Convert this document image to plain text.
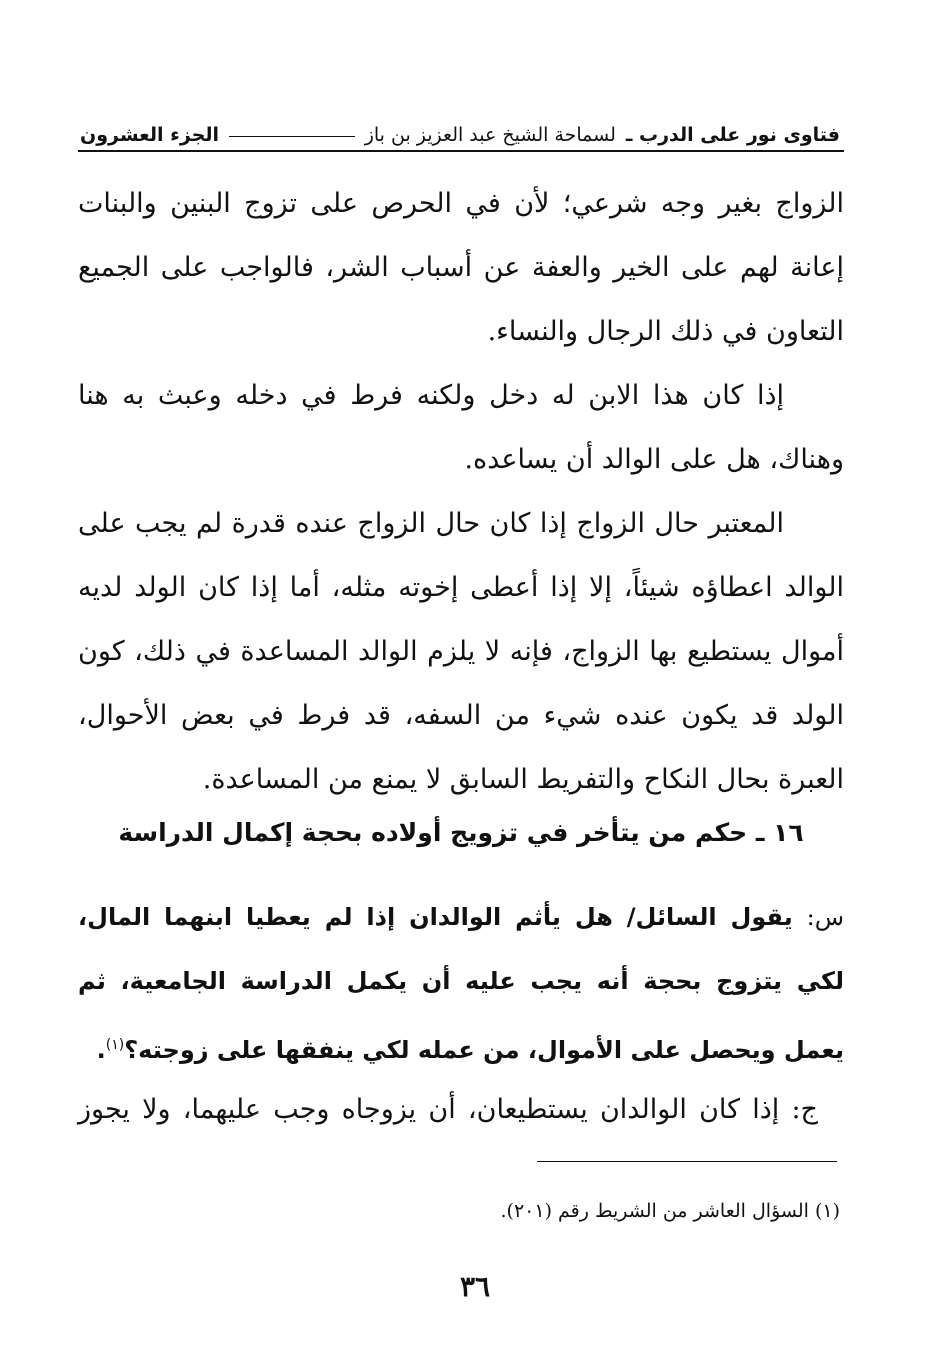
فتاوى نور على الدرب ـ
لسماحة الشيخ عبد العزيز بن باز
الجزء العشرون

الزواج بغير وجه شرعي؛ لأن في الحرص على تزوج البنين والبنات إعانة لهم على الخير والعفة عن أسباب الشر، فالواجب على الجميع التعاون في ذلك الرجال والنساء.

إذا كان هذا الابن له دخل ولكنه فرط في دخله وعبث به هنا وهناك، هل على الوالد أن يساعده.

المعتبر حال الزواج إذا كان حال الزواج عنده قدرة لم يجب على الوالد اعطاؤه شيئاً، إلا إذا أعطى إخوته مثله، أما إذا كان الولد لديه أموال يستطيع بها الزواج، فإنه لا يلزم الوالد المساعدة في ذلك، كون الولد قد يكون عنده شيء من السفه، قد فرط في بعض الأحوال، العبرة بحال النكاح والتفريط السابق لا يمنع من المساعدة.

١٦ ـ حكم من يتأخر في تزويج أولاده بحجة إكمال الدراسة
س: يقول السائل/ هل يأثم الوالدان إذا لم يعطيا ابنهما المال، لكي يتزوج بحجة أنه يجب عليه أن يكمل الدراسة الجامعية، ثم يعمل ويحصل على الأموال، من عمله لكي ينفقها على زوجته؟$^{(١)}$.
ج: إذا كان الوالدان يستطيعان، أن يزوجاه وجب عليهما، ولا يجوز
(١) السؤال العاشر من الشريط رقم (٢٠١).
٣٦
